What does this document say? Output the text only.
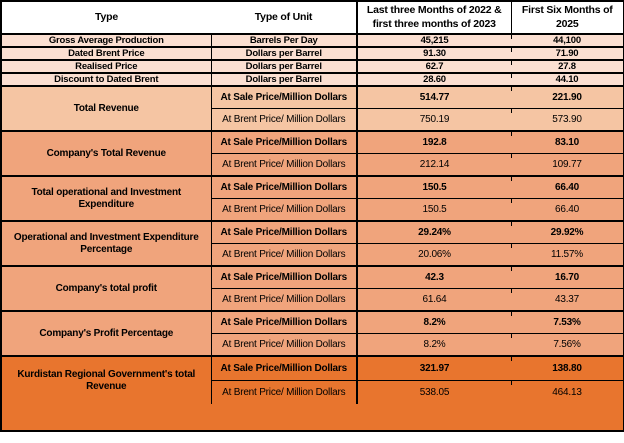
Type	Type of Unit	Last three Months of 2022 & first three months of 2023	First Six Months of 2025
Gross Average Production	Barrels Per Day	45,215	44,100
Dated Brent Price	Dollars per Barrel	91.30	71.90
Realised Price	Dollars per Barrel	62.7	27.8
Discount to Dated Brent	Dollars per Barrel	28.60	44.10
Total Revenue	At Sale Price/Million Dollars	514.77	221.90
	At Brent Price/ Million Dollars	750.19	573.90
Company's Total Revenue	At Sale Price/Million Dollars	192.8	83.10
	At Brent Price/ Million Dollars	212.14	109.77
Total operational and Investment Expenditure	At Sale Price/Million Dollars	150.5	66.40
	At Brent Price/ Million Dollars	150.5	66.40
Operational and Investment Expenditure Percentage	At Sale Price/Million Dollars	29.24%	29.92%
	At Brent Price/ Million Dollars	20.06%	11.57%
Company's total profit	At Sale Price/Million Dollars	42.3	16.70
	At Brent Price/ Million Dollars	61.64	43.37
Company's Profit Percentage	At Sale Price/Million Dollars	8.2%	7.53%
	At Brent Price/ Million Dollars	8.2%	7.56%
Kurdistan Regional Government's total Revenue	At Sale Price/Million Dollars	321.97	138.80
	At Brent Price/ Million Dollars	538.05	464.13
